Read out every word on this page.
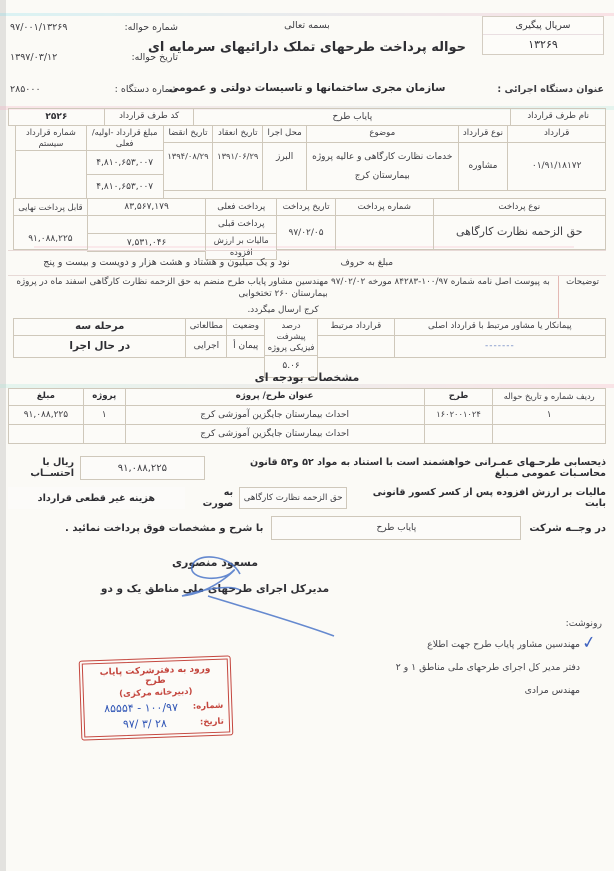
سریال پیگیری
۱۳۲۶۹
بسمه تعالی
حواله پرداخت طرحهای تملک دارائیهای سرمایه ای
سازمان مجری ساختمانها و تاسیسات دولتی و عمومی	عنوان دستگاه اجرائی :
شماره حواله:
۹۷/۰۰۱/۱۳۲۶۹
تاریخ حواله:
۱۳۹۷/۰۳/۱۲
شماره دستگاه :
۲۸۵۰۰۰
نام طرف قرارداد
پایاب طرح
کد طرف قرارداد
۲۵۲۶
قرارداد
۰۱/۹۱/۱۸۱۷۲
نوع قرارداد
مشاوره
موضوع
خدمات نظارت کارگاهی و عالیه پروژه
بیمارستان کرج
محل اجرا
البرز
تاریخ انعقاد
۱۳۹۱/۰۶/۲۹
تاریخ انقضا
۱۳۹۴/۰۸/۲۹
مبلغ قرارداد -اولیه/فعلی
۴,۸۱۰,۶۵۳,۰۰۷
۴,۸۱۰,۶۵۳,۰۰۷
شماره قرارداد سیستم
نوع پرداخت
حق الزحمه نظارت کارگاهی
شماره پرداخت
تاریخ پرداخت
۹۷/۰۲/۰۵
پرداخت فعلی
پرداخت قبلی
مالیات بر ارزش افزوده
۸۳,۵۶۷,۱۷۹
۷,۵۳۱,۰۴۶
قابل پرداخت نهایی
۹۱,۰۸۸,۲۲۵
مبلغ به حروف
نود و یک میلیون و هشتاد و هشت هزار و دویست و بیست و پنج
توضیحات
به پیوست اصل نامه شماره ۱۰۰/۹۷-۸۴۲۸۳ مورخه ۹۷/۰۲/۰۲ مهندسین مشاور پایاب طرح منضم به حق الزحمه نظارت کارگاهی اسفند ماه در پروژه بیمارستان ۲۶۰ تختخوابی
کرج ارسال میگردد.
پیمانکار یا مشاور مرتبط با قرارداد اصلی
-------
قرارداد مرتبط
درصد پیشرفت
فیزیکی پروژه
۵.۰۶
وضعیت
پیمان أ
مطالعاتی
اجرایی
مرحله سه
در حال اجرا
مشخصات بودجه ای
ردیف شماره و تاریخ حواله
طرح
عنوان طرح/ پروژه
پروژه
مبلغ
۱
۱۶۰۲۰۰۱۰۲۴
احداث بیمارستان جایگزین آموزشی کرج
۱
۹۱,۰۸۸,۲۲۵
احداث بیمارستان جایگزین آموزشی کرج
ذیحسابی طرحـهای عمـرانی خواهشمند است با استناد به مواد ۵۲ و۵۳ قانون محاسـبات عمومی مـبلغ
۹۱,۰۸۸,۲۲۵
ریال با احتســاب
مالیات بر ارزش افزوده پس از کسر کسور قانونی بابت
حق الزحمه نظارت کارگاهی
به صورت
هزینه غیر قطعی قرارداد
در وجــه شرکت
پایاب طرح
با شرح و مشخصات فوق پرداخت نمائید .
مسعود منصوری
مدیرکل اجرای طرحهای ملی مناطق یک و دو
رونوشت:
✓
مهندسین مشاور پایاب طرح جهت اطلاع
دفتر مدیر کل اجرای طرحهای ملی مناطق ۱ و ۲
مهندس مرادی
ورود به دفترشرکت پایاب طرح
(دبیرخانه مرکزی)
شماره:
۸۵۵۵۴ - ۱۰۰/۹۷
تاریخ:
۹۷/ ۳/ ۲۸
